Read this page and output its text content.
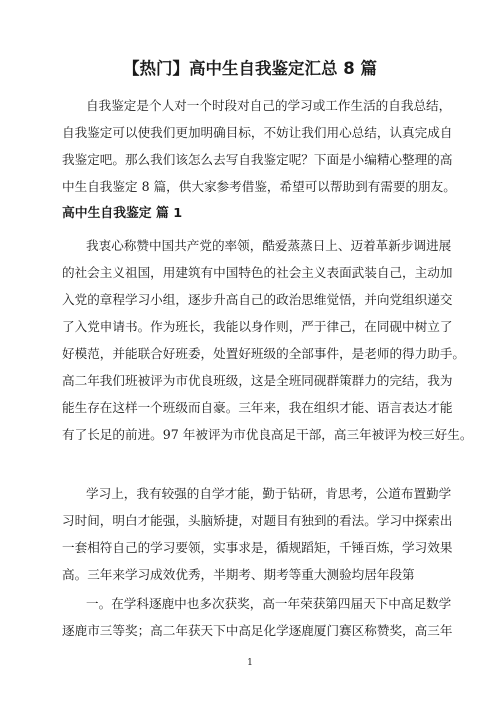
【热门】高中生自我鉴定汇总 8 篇
自我鉴定是个人对一个时段对自己的学习或工作生活的自我总结，
自我鉴定可以使我们更加明确目标，不妨让我们用心总结，认真完成自
我鉴定吧。那么我们该怎么去写自我鉴定呢？下面是小编精心整理的高
中生自我鉴定 8 篇，供大家参考借鉴，希望可以帮助到有需要的朋友。
高中生自我鉴定 篇 1
我衷心称赞中国共产党的率领，酷爱蒸蒸日上、迈着革新步调进展
的社会主义祖国，用建筑有中国特色的社会主义表面武装自己，主动加
入党的章程学习小组，逐步升高自己的政治思维觉悟，并向党组织递交
了入党申请书。作为班长，我能以身作则，严于律己，在同砚中树立了
好模范，并能联合好班委，处置好班级的全部事件，是老师的得力助手。
高二年我们班被评为市优良班级，这是全班同砚群策群力的完结，我为
能生存在这样一个班级而自豪。三年来，我在组织才能、语言表达才能
有了长足的前进。97 年被评为市优良高足干部，高三年被评为校三好生。
学习上，我有较强的自学才能，勤于钻研，肯思考，公道布置勤学
习时间，明白才能强，头脑矫捷，对题目有独到的看法。学习中探索出
一套相符自己的学习要领，实事求是，循规蹈矩，千锤百炼，学习效果
高。三年来学习成效优秀，半期考、期考等重大测验均居年段第
一。在学科逐鹿中也多次获奖，高一年荣获第四届天下中高足数学
逐鹿市三等奖；高二年获天下中高足化学逐鹿厦门赛区称赞奖，高三年
1
